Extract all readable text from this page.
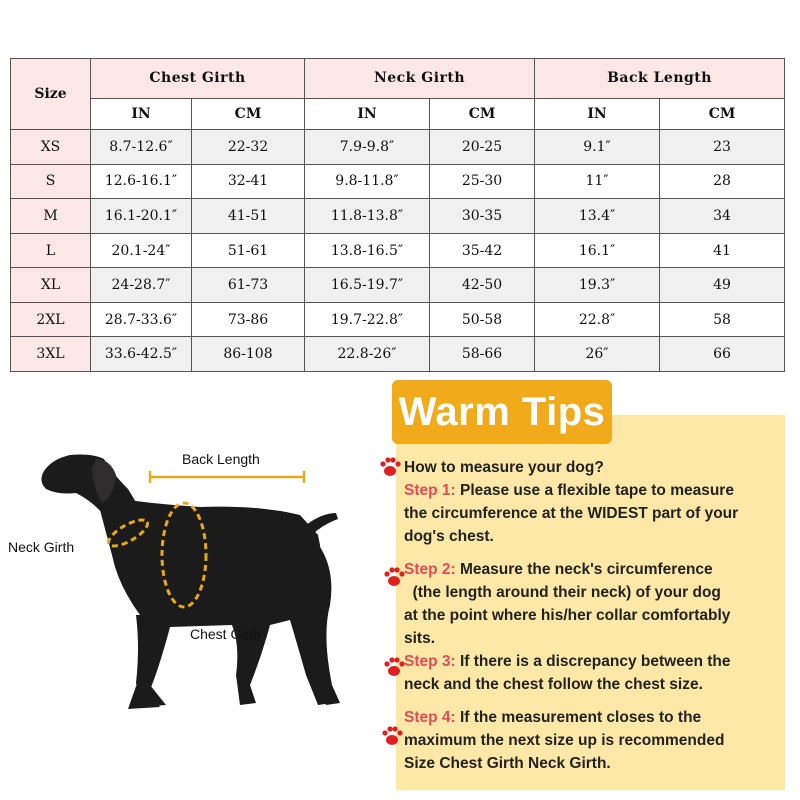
Size	Chest Girth		Neck Girth		Back Length	
	IN	CM	IN	CM	IN	CM
XS	8.7-12.6″	22-32	7.9-9.8″	20-25	9.1″	23
S	12.6-16.1″	32-41	9.8-11.8″	25-30	11″	28
M	16.1-20.1″	41-51	11.8-13.8″	30-35	13.4″	34
L	20.1-24″	51-61	13.8-16.5″	35-42	16.1″	41
XL	24-28.7″	61-73	16.5-19.7″	42-50	19.3″	49
2XL	28.7-33.6″	73-86	19.7-22.8″	50-58	22.8″	58
3XL	33.6-42.5″	86-108	22.8-26″	58-66	26″	66
Back Length
Neck Girth
Chest Girth
Warm Tips

How to measure your dog?

Step 1: Please use a flexible tape to measure

the circumference at the WIDEST part of your

dog's chest.

Step 2: Measure the neck's circumference

(the length around their neck) of your dog

at the point where his/her collar comfortably

sits.

Step 3: If there is a discrepancy between the

neck and the chest follow the chest size.

Step 4: If the measurement closes to the

maximum the next size up is recommended

Size Chest Girth Neck Girth.
